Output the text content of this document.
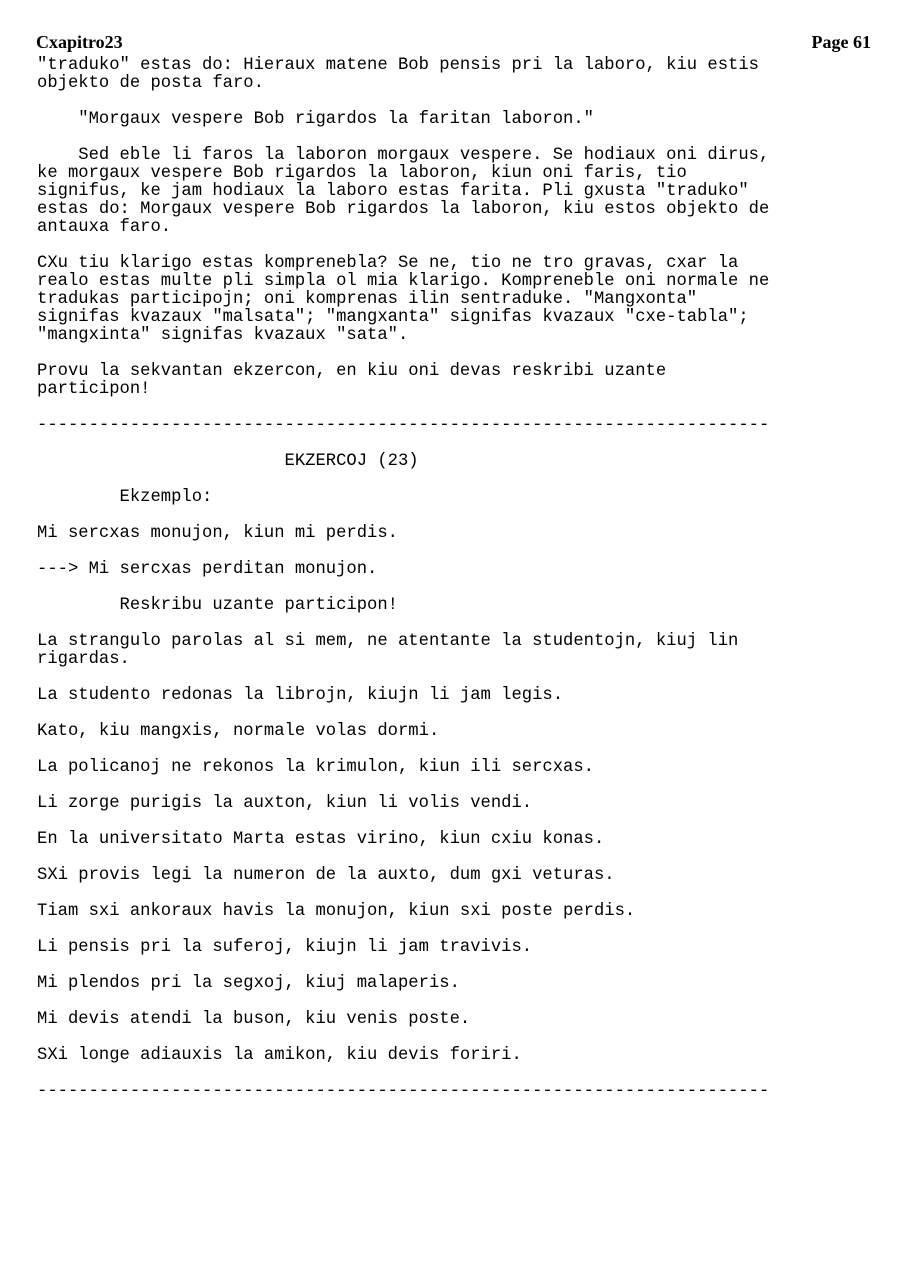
Cxapitro23	Page 61
"traduko" estas do: Hieraux matene Bob pensis pri la laboro, kiu estis
objekto de posta faro.

"Morgaux vespere Bob rigardos la faritan laboron."

Sed eble li faros la laboron morgaux vespere. Se hodiaux oni dirus,
ke morgaux vespere Bob rigardos la laboron, kiun oni faris, tio
signifus, ke jam hodiaux la laboro estas farita. Pli gxusta "traduko"
estas do: Morgaux vespere Bob rigardos la laboron, kiu estos objekto de
antauxa faro.

CXu tiu klarigo estas komprenebla? Se ne, tio ne tro gravas, cxar la
realo estas multe pli simpla ol mia klarigo. Kompreneble oni normale ne
tradukas participojn; oni komprenas ilin sentraduke. "Mangxonta"
signifas kvazaux "malsata"; "mangxanta" signifas kvazaux "cxe-tabla";
"mangxinta" signifas kvazaux "sata".

Provu la sekvantan ekzercon, en kiu oni devas reskribi uzante
participon!

-----------------------------------------------------------------------

EKZERCOJ (23)

Ekzemplo:

Mi sercxas monujon, kiun mi perdis.

---> Mi sercxas perditan monujon.

Reskribu uzante participon!

La strangulo parolas al si mem, ne atentante la studentojn, kiuj lin
rigardas.

La studento redonas la librojn, kiujn li jam legis.

Kato, kiu mangxis, normale volas dormi.

La policanoj ne rekonos la krimulon, kiun ili sercxas.

Li zorge purigis la auxton, kiun li volis vendi.

En la universitato Marta estas virino, kiun cxiu konas.

SXi provis legi la numeron de la auxto, dum gxi veturas.

Tiam sxi ankoraux havis la monujon, kiun sxi poste perdis.

Li pensis pri la suferoj, kiujn li jam travivis.

Mi plendos pri la segxoj, kiuj malaperis.

Mi devis atendi la buson, kiu venis poste.

SXi longe adiauxis la amikon, kiu devis foriri.

-----------------------------------------------------------------------
